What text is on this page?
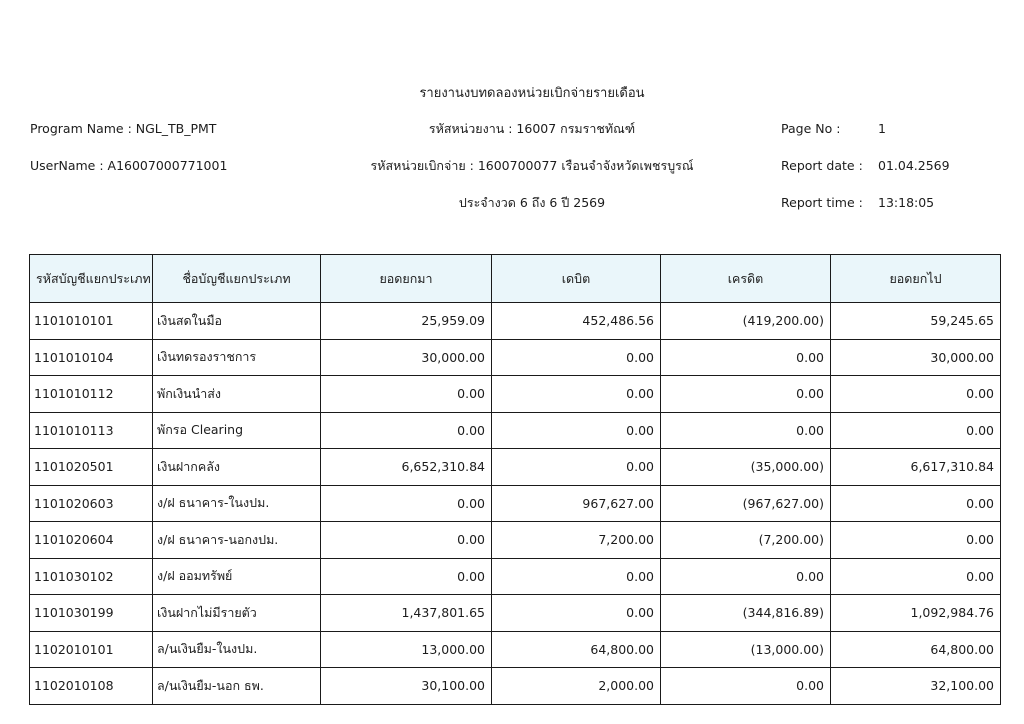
รายงานงบทดลองหน่วยเบิกจ่ายรายเดือน
Program Name : NGL_TB_PMT	รหัสหน่วยงาน : 16007 กรมราชทัณฑ์	Page No :	1
UserName : A16007000771001	รหัสหน่วยเบิกจ่าย : 1600700077 เรือนจำจังหวัดเพชรบูรณ์	Report date : 01.04.2569
ประจำงวด 6 ถึง 6 ปี 2569	Report time : 13:18:05
รหัสบัญชีแยกประเภท	ชื่อบัญชีแยกประเภท	ยอดยกมา	เดบิต	เครดิต	ยอดยกไป
1101010101	เงินสดในมือ	25,959.09	452,486.56	(419,200.00)	59,245.65
1101010104	เงินทดรองราชการ	30,000.00	0.00	0.00	30,000.00
1101010112	พักเงินนำส่ง	0.00	0.00	0.00	0.00
1101010113	พักรอ Clearing	0.00	0.00	0.00	0.00
1101020501	เงินฝากคลัง	6,652,310.84	0.00	(35,000.00)	6,617,310.84
1101020603	ง/ฝ ธนาคาร-ในงปม.	0.00	967,627.00	(967,627.00)	0.00
1101020604	ง/ฝ ธนาคาร-นอกงปม.	0.00	7,200.00	(7,200.00)	0.00
1101030102	ง/ฝ ออมทรัพย์	0.00	0.00	0.00	0.00
1101030199	เงินฝากไม่มีรายตัว	1,437,801.65	0.00	(344,816.89)	1,092,984.76
1102010101	ล/นเงินยืม-ในงปม.	13,000.00	64,800.00	(13,000.00)	64,800.00
1102010108	ล/นเงินยืม-นอก ธพ.	30,100.00	2,000.00	0.00	32,100.00
